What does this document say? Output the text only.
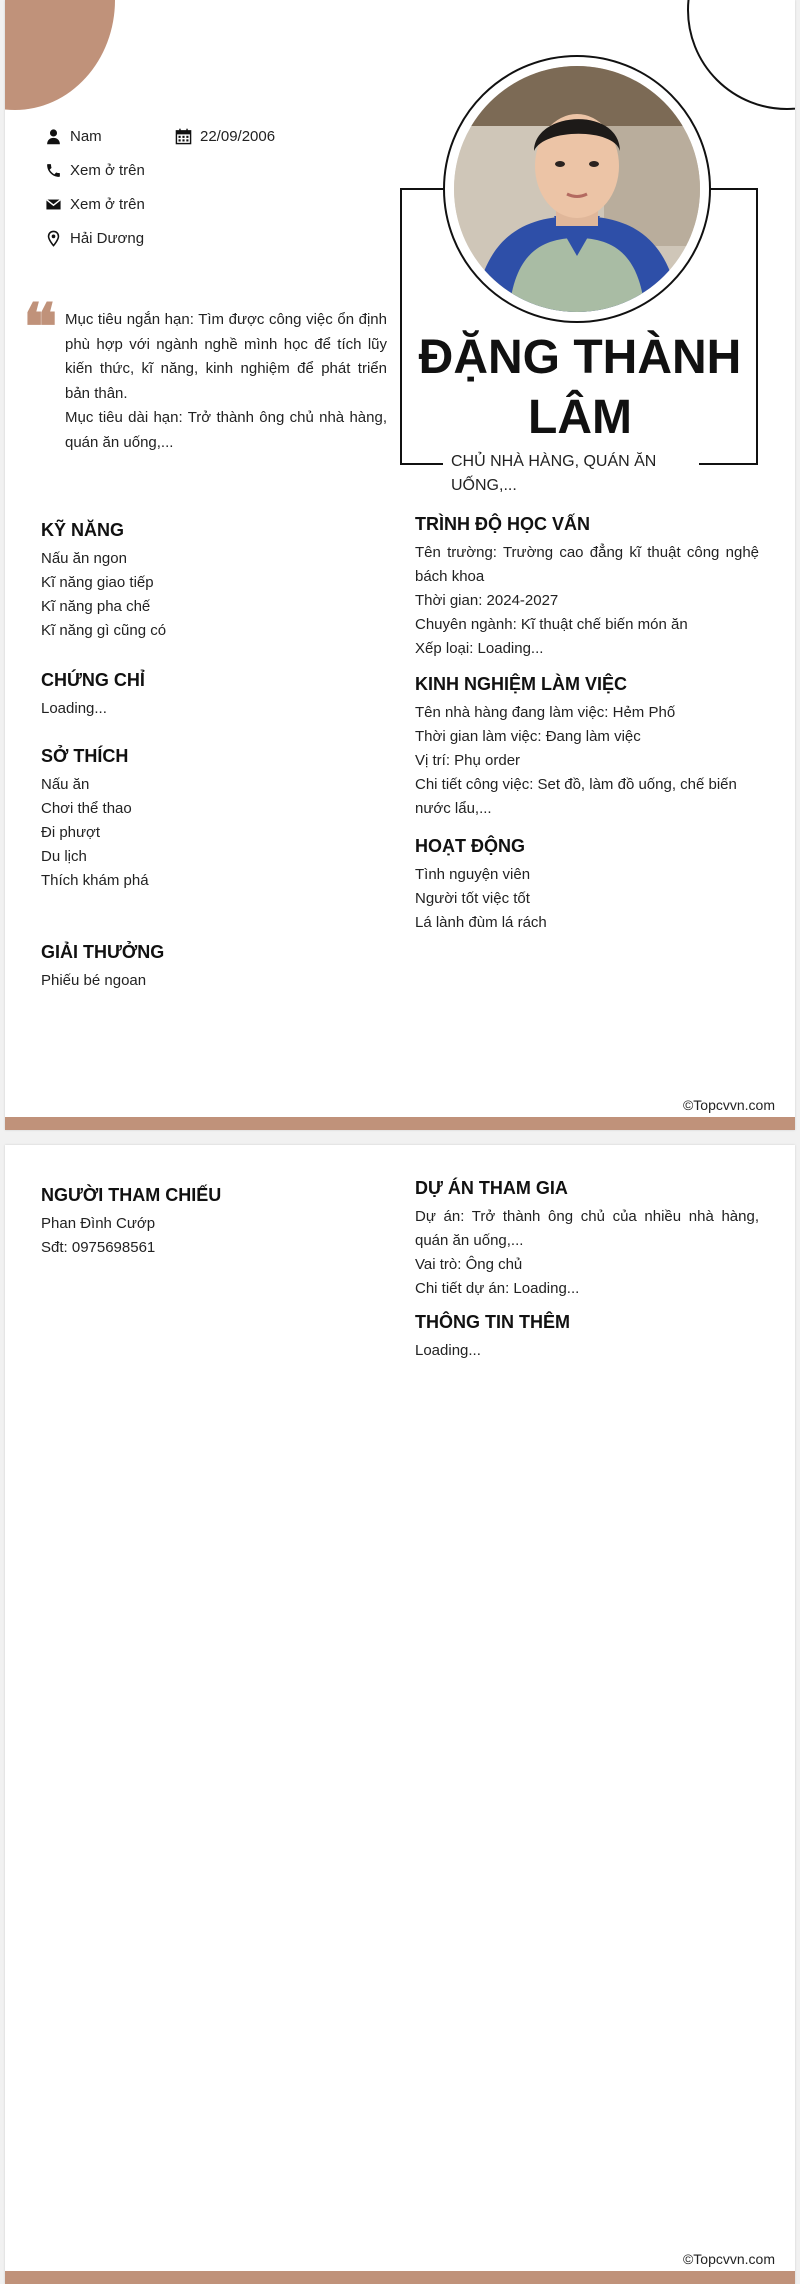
Nam	22/09/2006
Xem ở trên
Xem ở trên
Hải Dương
❝ Mục tiêu ngắn hạn: Tìm được công việc ổn định phù hợp với ngành nghề mình học để tích lũy kiến thức, kĩ năng, kinh nghiệm để phát triển bản thân.

Mục tiêu dài hạn: Trở thành ông chủ nhà hàng, quán ăn uống,...

ĐẶNG THÀNH LÂM
CHỦ NHÀ HÀNG, QUÁN ĂN UỐNG,...
KỸ NĂNG
Nấu ăn ngon
Kĩ năng giao tiếp
Kĩ năng pha chế
Kĩ năng gì cũng có
CHỨNG CHỈ
Loading...
SỞ THÍCH
Nấu ăn
Chơi thể thao
Đi phượt
Du lịch
Thích khám phá
GIẢI THƯỞNG
Phiếu bé ngoan
TRÌNH ĐỘ HỌC VẤN
Tên trường: Trường cao đẳng kĩ thuật công nghệ bách khoa
Thời gian: 2024-2027
Chuyên ngành: Kĩ thuật chế biến món ăn
Xếp loại: Loading...
KINH NGHIỆM LÀM VIỆC
Tên nhà hàng đang làm việc: Hẻm Phố
Thời gian làm việc: Đang làm việc
Vị trí: Phụ order
Chi tiết công việc: Set đồ, làm đồ uống, chế biến nước lẩu,...
HOẠT ĐỘNG
Tình nguyện viên
Người tốt việc tốt
Lá lành đùm lá rách
©Topcvvn.com
NGƯỜI THAM CHIẾU
Phan Đình Cướp
Sđt: 0975698561
DỰ ÁN THAM GIA
Dự án: Trở thành ông chủ của nhiều nhà hàng, quán ăn uống,...
Vai trò: Ông chủ
Chi tiết dự án: Loading...
THÔNG TIN THÊM
Loading...
©Topcvvn.com
